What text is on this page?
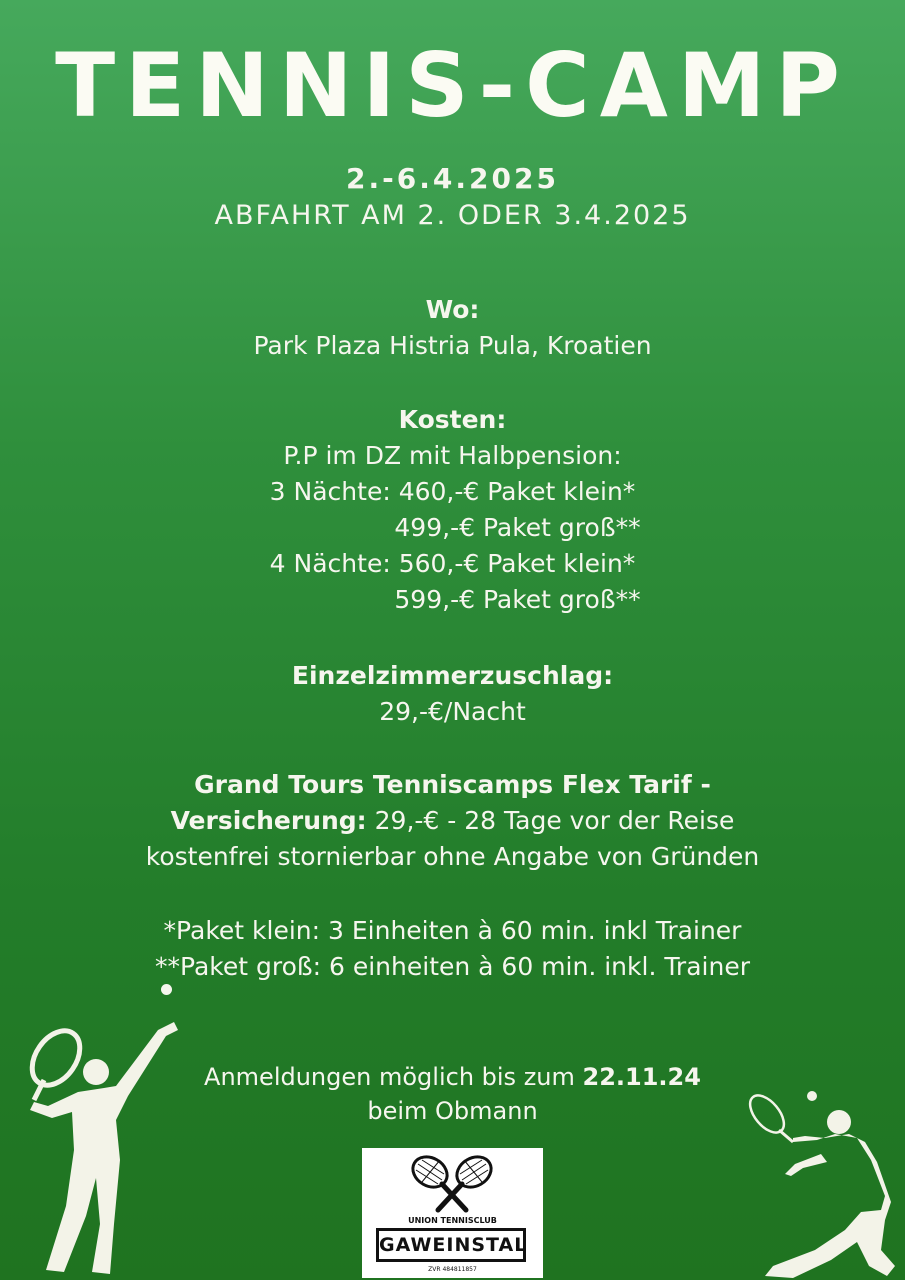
TENNIS-CAMP
2.-6.4.2025
ABFAHRT AM 2. ODER 3.4.2025
Wo:
Park Plaza Histria Pula, Kroatien
Kosten:
P.P im DZ mit Halbpension:
3 Nächte: 460,-€ Paket klein*
499,-€ Paket groß**
4 Nächte: 560,-€ Paket klein*
599,-€ Paket groß**
Einzelzimmerzuschlag:
29,-€/Nacht
Grand Tours Tenniscamps Flex Tarif -
Versicherung: 29,-€ - 28 Tage vor der Reise
kostenfrei stornierbar ohne Angabe von Gründen
*Paket klein: 3 Einheiten à 60 min. inkl Trainer
**Paket groß: 6 einheiten à 60 min. inkl. Trainer
Anmeldungen möglich bis zum 22.11.24
beim Obmann
UNION TENNISCLUB
GAWEINSTAL
ZVR 484811857
